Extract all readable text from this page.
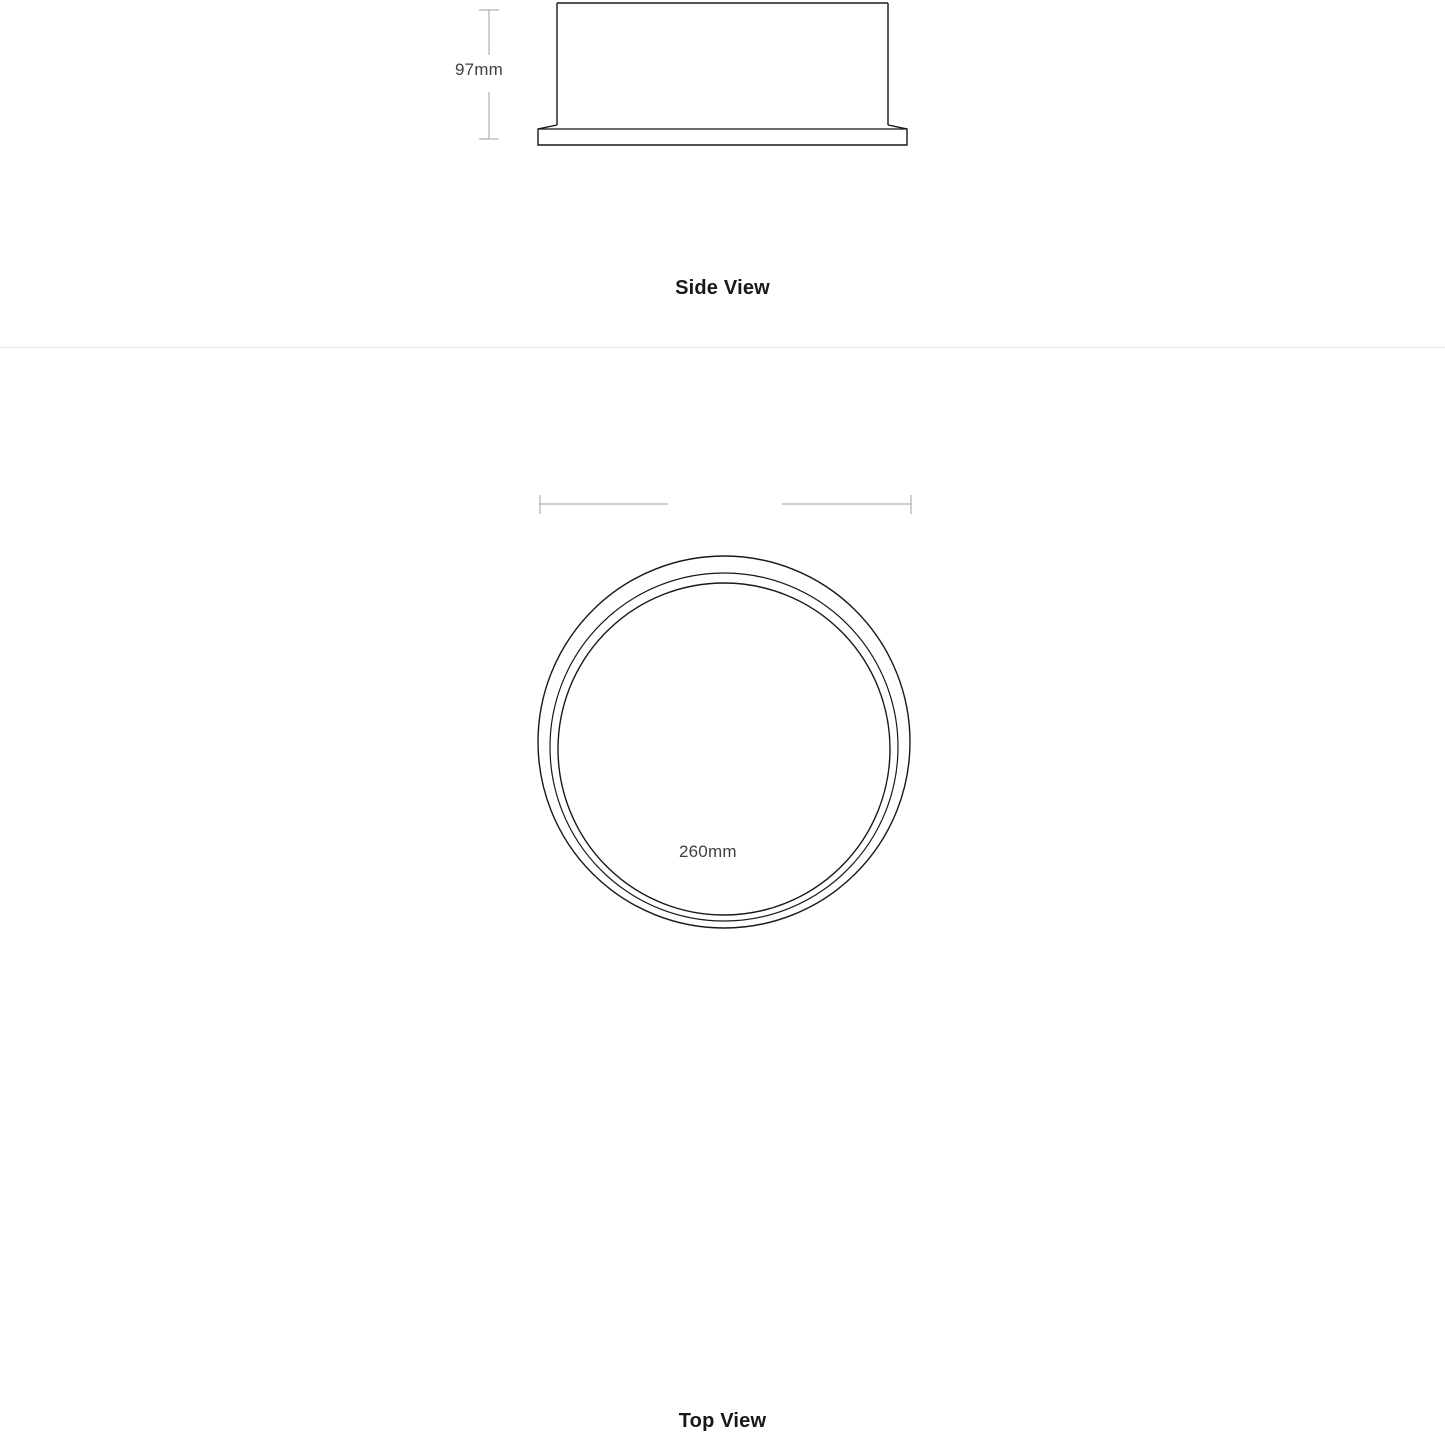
97mm
Side View
260mm
Top View
